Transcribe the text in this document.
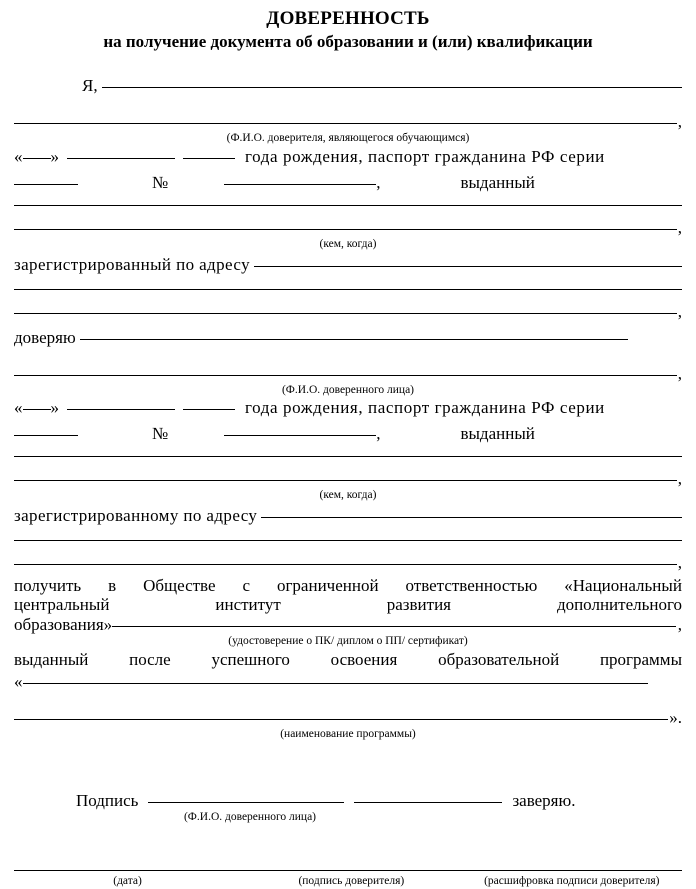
ДОВЕРЕННОСТЬ
на получение документа об образовании и (или) квалификации
Я,
,
(Ф.И.О. доверителя, являющегося обучающимся)
« »	года рождения, паспорт гражданина РФ серии
№	,	выданный
,
(кем, когда)
зарегистрированный по адресу
,
доверяю
,
(Ф.И.О. доверенного лица)
« »	года рождения, паспорт гражданина РФ серии
№	,	выданный
,
(кем, когда)
зарегистрированному по адресу
,
получить в Обществе с ограниченной ответственностью «Национальный
центральный	институт	развития	дополнительного
образования»	,
(удостоверение о ПК/ диплом о ПП/ сертификат)
выданный после успешного освоения образовательной программы
«
».
(наименование программы)
Подпись	заверяю.
(Ф.И.О. доверенного лица)
(дата)	(подпись доверителя)	(расшифровка подписи доверителя)
